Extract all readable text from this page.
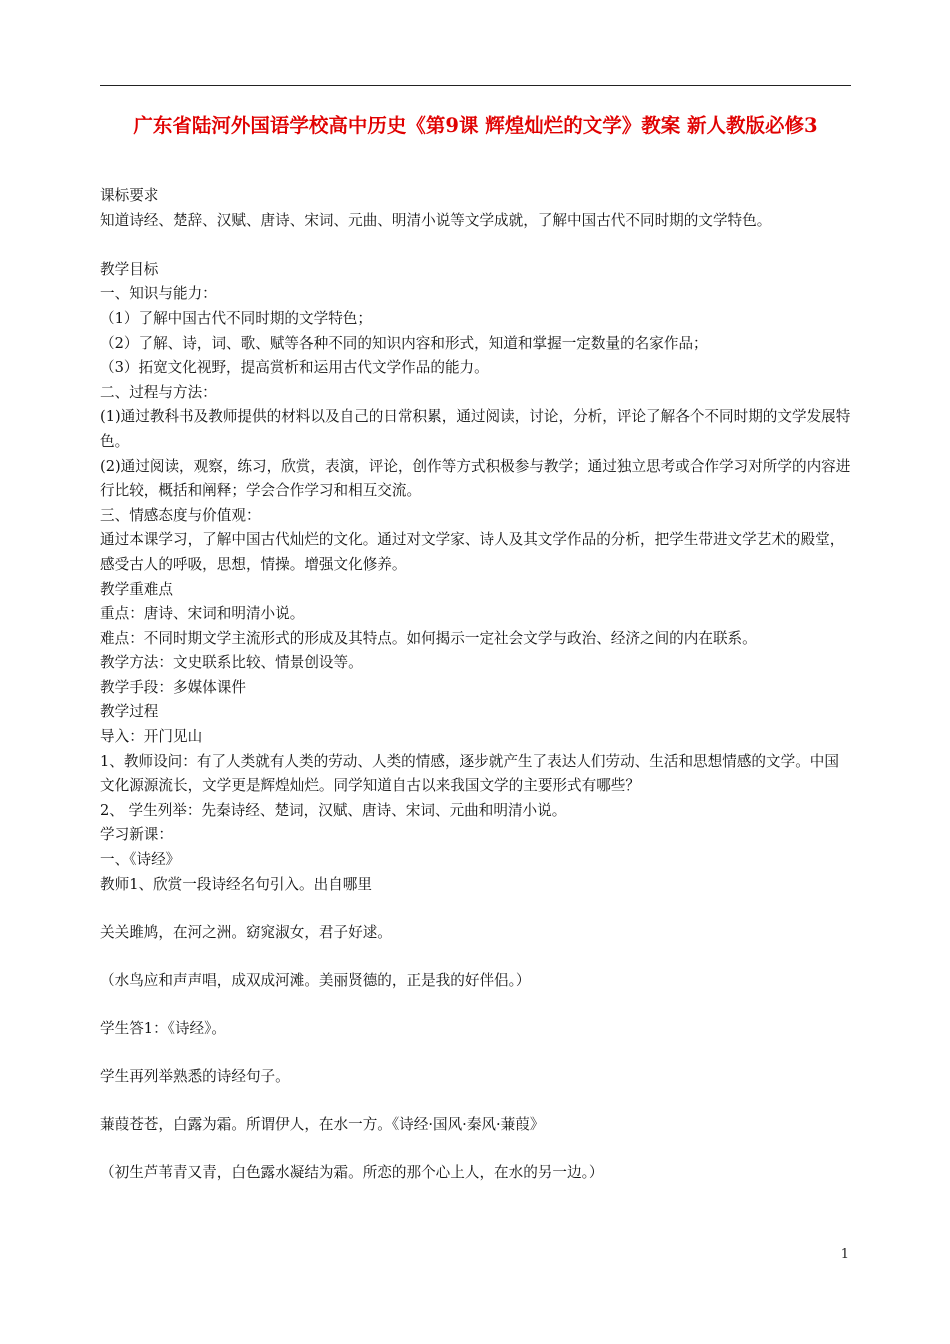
广东省陆河外国语学校高中历史《第9课 辉煌灿烂的文学》教案 新人教版必修3

课标要求

知道诗经、楚辞、汉赋、唐诗、宋词、元曲、明清小说等文学成就，了解中国古代不同时期的文学特色。

教学目标

一、知识与能力：

（1）了解中国古代不同时期的文学特色；

（2）了解、诗，词、歌、赋等各种不同的知识内容和形式，知道和掌握一定数量的名家作品；

（3）拓宽文化视野，提高赏析和运用古代文学作品的能力。

二、过程与方法：

(1)通过教科书及教师提供的材料以及自己的日常积累，通过阅读，讨论，分析，评论了解各个不同时期的文学发展特色。

(2)通过阅读，观察，练习，欣赏，表演，评论，创作等方式积极参与教学；通过独立思考或合作学习对所学的内容进行比较，概括和阐释；学会合作学习和相互交流。

三、情感态度与价值观：

通过本课学习，了解中国古代灿烂的文化。通过对文学家、诗人及其文学作品的分析，把学生带进文学艺术的殿堂，感受古人的呼吸，思想，情操。增强文化修养。

教学重难点

重点：唐诗、宋词和明清小说。

难点：不同时期文学主流形式的形成及其特点。如何揭示一定社会文学与政治、经济之间的内在联系。

教学方法：文史联系比较、情景创设等。

教学手段：多媒体课件

教学过程

导入：开门见山

1、教师设问：有了人类就有人类的劳动、人类的情感，逐步就产生了表达人们劳动、生活和思想情感的文学。中国文化源源流长，文学更是辉煌灿烂。同学知道自古以来我国文学的主要形式有哪些？

2、 学生列举：先秦诗经、楚词，汉赋、唐诗、宋词、元曲和明清小说。

学习新课：

一、《诗经》

教师1、欣赏一段诗经名句引入。出自哪里

关关雎鸠，在河之洲。窈窕淑女，君子好逑。

（水鸟应和声声唱，成双成河滩。美丽贤德的，正是我的好伴侣。）

学生答1：《诗经》。

学生再列举熟悉的诗经句子。

蒹葭苍苍，白露为霜。所谓伊人，在水一方。《诗经·国风·秦风·蒹葭》

（初生芦苇青又青，白色露水凝结为霜。所恋的那个心上人，在水的另一边。）

1
